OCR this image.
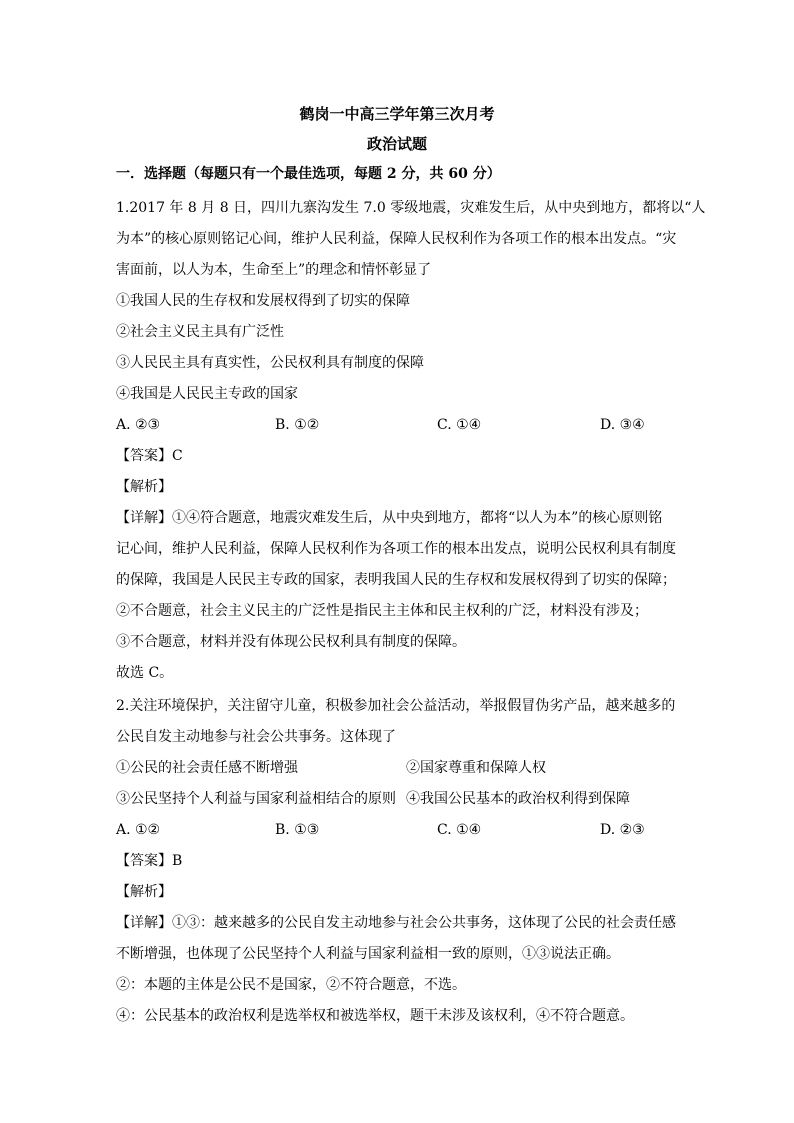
鹤岗一中高三学年第三次月考
政治试题
一．选择题（每题只有一个最佳选项，每题 2 分，共 60 分）
1.2017 年 8 月 8 日，四川九寨沟发生 7.0 零级地震，灾难发生后，从中央到地方，都将以“人
为本”的核心原则铭记心间，维护人民利益，保障人民权利作为各项工作的根本出发点。“灾
害面前，以人为本，生命至上”的理念和情怀彰显了
①我国人民的生存权和发展权得到了切实的保障
②社会主义民主具有广泛性
③人民民主具有真实性，公民权利具有制度的保障
④我国是人民民主专政的国家
A. ②③	B. ①②	C. ①④	D. ③④
【答案】C
【解析】
【详解】①④符合题意，地震灾难发生后，从中央到地方，都将“以人为本”的核心原则铭
记心间，维护人民利益，保障人民权利作为各项工作的根本出发点，说明公民权利具有制度
的保障，我国是人民民主专政的国家，表明我国人民的生存权和发展权得到了切实的保障；
②不合题意，社会主义民主的广泛性是指民主主体和民主权利的广泛，材料没有涉及；
③不合题意，材料并没有体现公民权利具有制度的保障。
故选 C。
2.关注环境保护，关注留守儿童，积极参加社会公益活动，举报假冒伪劣产品，越来越多的
公民自发主动地参与社会公共事务。这体现了
①公民的社会责任感不断增强	②国家尊重和保障人权
③公民坚持个人利益与国家利益相结合的原则 ④我国公民基本的政治权利得到保障
A. ①②	B. ①③	C. ①④	D. ②③
【答案】B
【解析】
【详解】①③：越来越多的公民自发主动地参与社会公共事务，这体现了公民的社会责任感
不断增强，也体现了公民坚持个人利益与国家利益相一致的原则，①③说法正确。
②：本题的主体是公民不是国家，②不符合题意，不选。
④：公民基本的政治权利是选举权和被选举权，题干未涉及该权利，④不符合题意。
